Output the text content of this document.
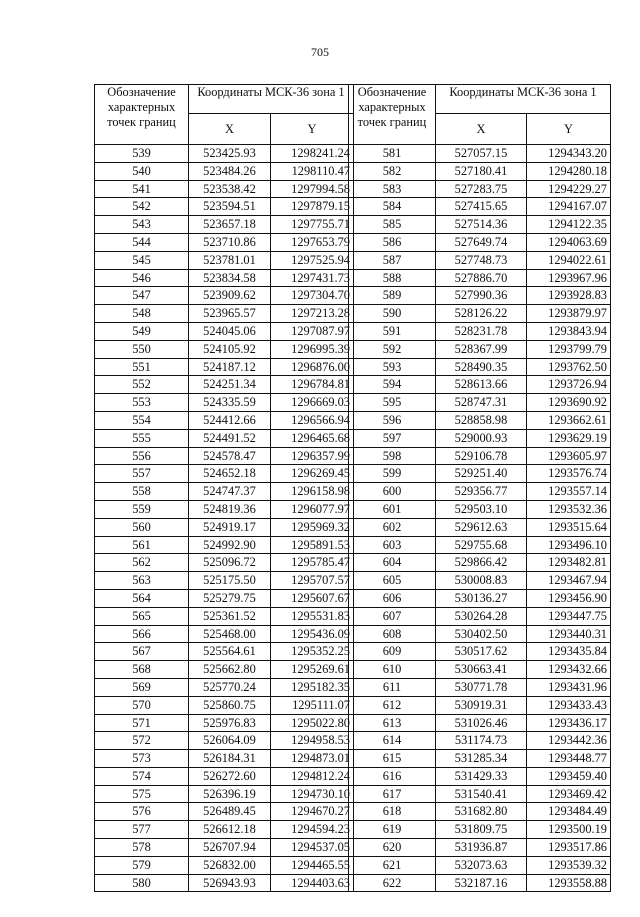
705
Обозначение характерных точек границ	Координаты МСК-36 зона 1	
	X	Y
539	523425.93	1298241.24
540	523484.26	1298110.47
541	523538.42	1297994.58
542	523594.51	1297879.15
543	523657.18	1297755.71
544	523710.86	1297653.79
545	523781.01	1297525.94
546	523834.58	1297431.73
547	523909.62	1297304.70
548	523965.57	1297213.28
549	524045.06	1297087.97
550	524105.92	1296995.39
551	524187.12	1296876.00
552	524251.34	1296784.81
553	524335.59	1296669.03
554	524412.66	1296566.94
555	524491.52	1296465.68
556	524578.47	1296357.99
557	524652.18	1296269.45
558	524747.37	1296158.98
559	524819.36	1296077.97
560	524919.17	1295969.32
561	524992.90	1295891.53
562	525096.72	1295785.47
563	525175.50	1295707.57
564	525279.75	1295607.67
565	525361.52	1295531.83
566	525468.00	1295436.09
567	525564.61	1295352.25
568	525662.80	1295269.61
569	525770.24	1295182.35
570	525860.75	1295111.07
571	525976.83	1295022.80
572	526064.09	1294958.53
573	526184.31	1294873.01
574	526272.60	1294812.24
575	526396.19	1294730.10
576	526489.45	1294670.27
577	526612.18	1294594.23
578	526707.94	1294537.05
579	526832.00	1294465.55
580	526943.93	1294403.63
Обозначение характерных точек границ	Координаты МСК-36 зона 1	
	X	Y
581	527057.15	1294343.20
582	527180.41	1294280.18
583	527283.75	1294229.27
584	527415.65	1294167.07
585	527514.36	1294122.35
586	527649.74	1294063.69
587	527748.73	1294022.61
588	527886.70	1293967.96
589	527990.36	1293928.83
590	528126.22	1293879.97
591	528231.78	1293843.94
592	528367.99	1293799.79
593	528490.35	1293762.50
594	528613.66	1293726.94
595	528747.31	1293690.92
596	528858.98	1293662.61
597	529000.93	1293629.19
598	529106.78	1293605.97
599	529251.40	1293576.74
600	529356.77	1293557.14
601	529503.10	1293532.36
602	529612.63	1293515.64
603	529755.68	1293496.10
604	529866.42	1293482.81
605	530008.83	1293467.94
606	530136.27	1293456.90
607	530264.28	1293447.75
608	530402.50	1293440.31
609	530517.62	1293435.84
610	530663.41	1293432.66
611	530771.78	1293431.96
612	530919.31	1293433.43
613	531026.46	1293436.17
614	531174.73	1293442.36
615	531285.34	1293448.77
616	531429.33	1293459.40
617	531540.41	1293469.42
618	531682.80	1293484.49
619	531809.75	1293500.19
620	531936.87	1293517.86
621	532073.63	1293539.32
622	532187.16	1293558.88
